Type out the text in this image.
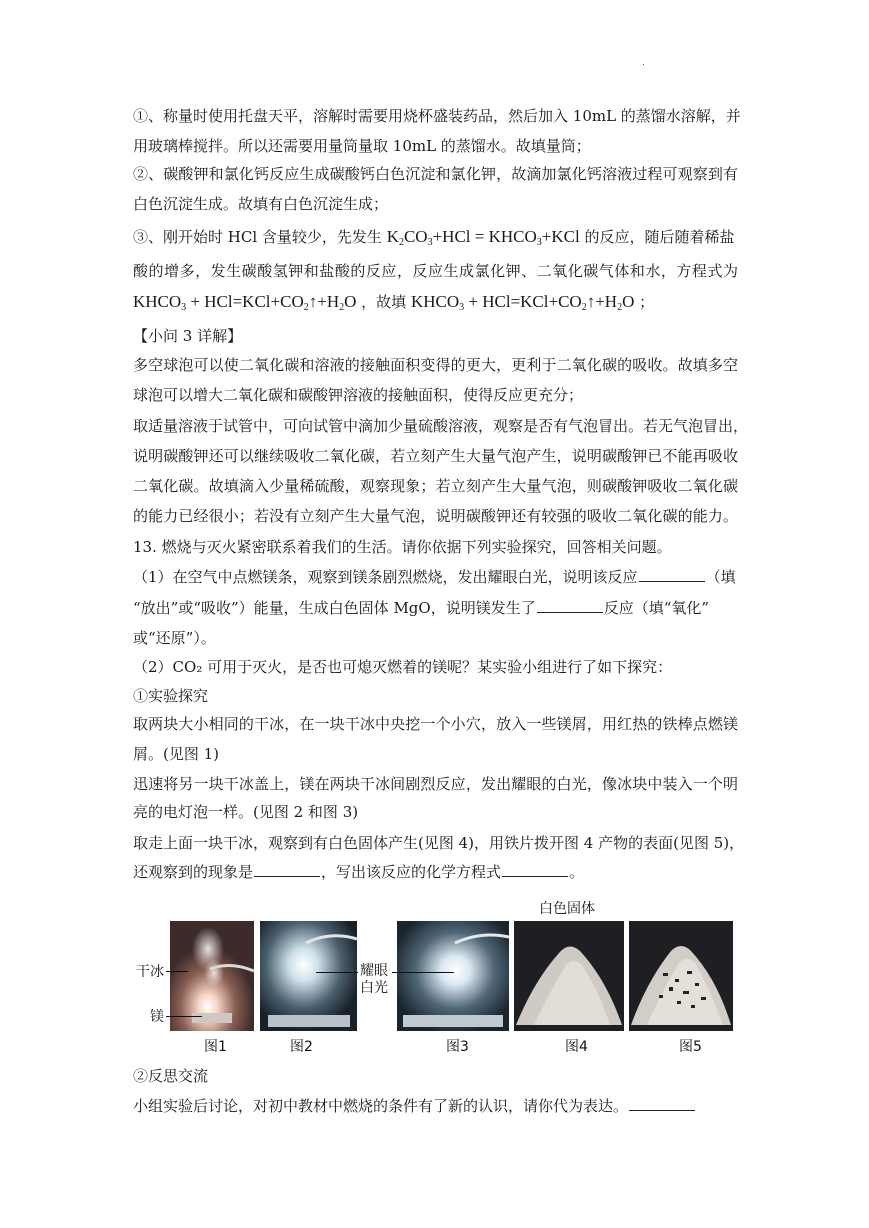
.
①、称量时使用托盘天平，溶解时需要用烧杯盛装药品，然后加入 10mL 的蒸馏水溶解，并
用玻璃棒搅拌。所以还需要用量筒量取 10mL 的蒸馏水。故填量筒；
②、碳酸钾和氯化钙反应生成碳酸钙白色沉淀和氯化钾，故滴加氯化钙溶液过程可观察到有
白色沉淀生成。故填有白色沉淀生成；
③、刚开始时 HCl 含量较少，先发生 $K_2CO_3+HCl$ = $KHCO_3+KCl$ 的反应，随后随着稀盐
酸的增多，发生碳酸氢钾和盐酸的反应，反应生成氯化钾、二氧化碳气体和水，方程式为
$KHCO_3$ + $HCl=KCl+CO_2↑+H_2O$ ，故填 $KHCO_3$ + $HCl=KCl+CO_2↑+H_2O$ ；
【小问 3 详解】
多空球泡可以使二氧化碳和溶液的接触面积变得的更大，更利于二氧化碳的吸收。故填多空
球泡可以增大二氧化碳和碳酸钾溶液的接触面积，使得反应更充分；
取适量溶液于试管中，可向试管中滴加少量硫酸溶液，观察是否有气泡冒出。若无气泡冒出，
说明碳酸钾还可以继续吸收二氧化碳，若立刻产生大量气泡产生，说明碳酸钾已不能再吸收
二氧化碳。故填滴入少量稀硫酸，观察现象；若立刻产生大量气泡，则碳酸钾吸收二氧化碳
的能力已经很小；若没有立刻产生大量气泡，说明碳酸钾还有较强的吸收二氧化碳的能力。
13. 燃烧与灭火紧密联系着我们的生活。请你依据下列实验探究，回答相关问题。
（1）在空气中点燃镁条，观察到镁条剧烈燃烧，发出耀眼白光，说明该反应	（填
“放出”或“吸收”）能量，生成白色固体 MgO，说明镁发生了	反应（填“氧化”
或“还原”）。
（2）CO₂ 可用于灭火，是否也可熄灭燃着的镁呢？某实验小组进行了如下探究：
①实验探究
取两块大小相同的干冰，在一块干冰中央挖一个小穴，放入一些镁屑，用红热的铁棒点燃镁
屑。(见图 1)
迅速将另一块干冰盖上，镁在两块干冰间剧烈反应，发出耀眼的白光，像冰块中装入一个明
亮的电灯泡一样。(见图 2 和图 3)
取走上面一块干冰，观察到有白色固体产生(见图 4)，用铁片拨开图 4 产物的表面(见图 5)，
还观察到的现象是	，写出该反应的化学方程式	。
干冰
镁
耀眼
白光
白色固体
图1	图2	图3	图4	图5
②反思交流
小组实验后讨论，对初中教材中燃烧的条件有了新的认识，请你代为表达。
